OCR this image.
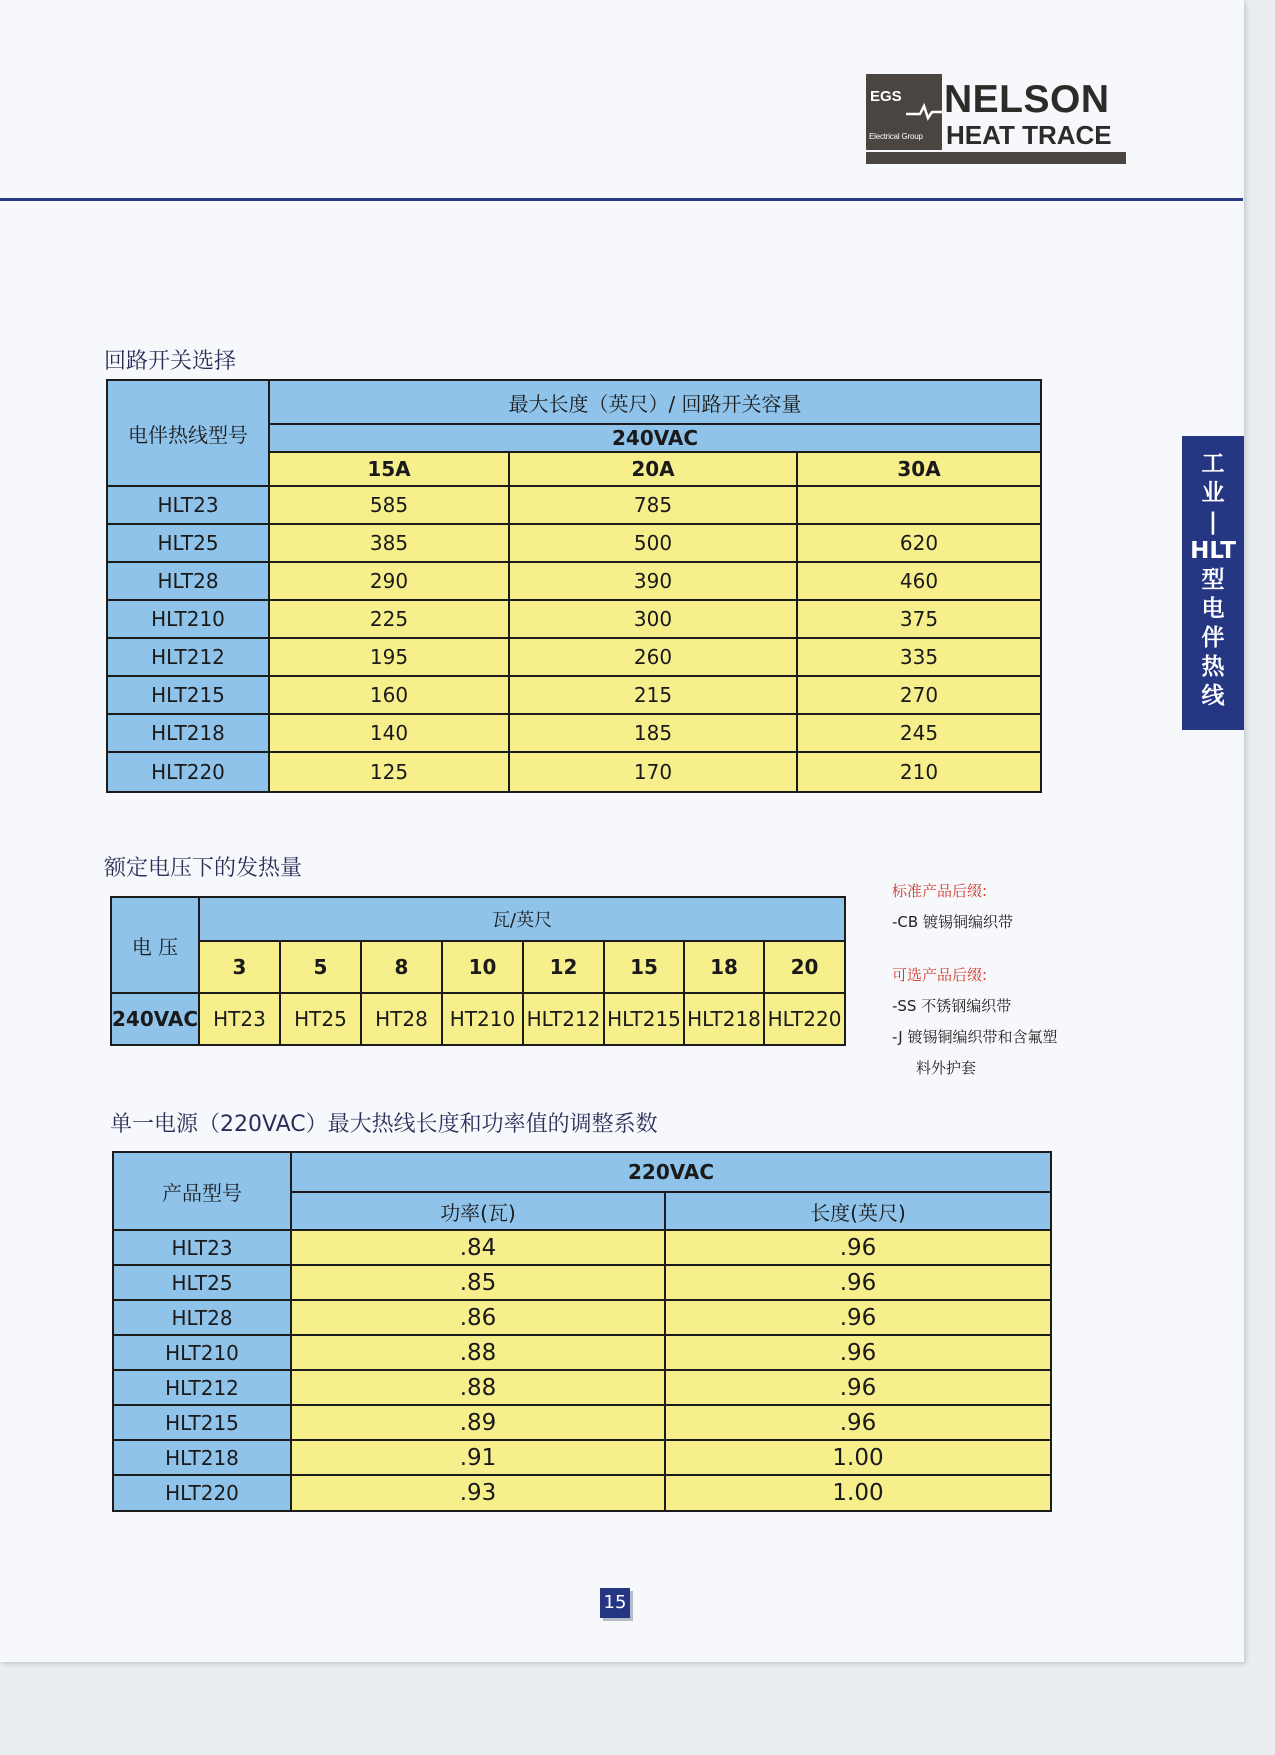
EGS
Electrical Group
NELSON
HEAT TRACE
工
业
|
HLT
型
电
伴
热
线
回路开关选择
电伴热线型号	最大长度（英尺）/ 回路开关容量		
	240VAC		
	15A	20A	30A
HLT23	585	785	
HLT25	385	500	620
HLT28	290	390	460
HLT210	225	300	375
HLT212	195	260	335
HLT215	160	215	270
HLT218	140	185	245
HLT220	125	170	210
额定电压下的发热量
电 压	瓦/英尺							
	3	5	8	10	12	15	18	20
240VAC	HT23	HT25	HT28	HT210	HLT212	HLT215	HLT218	HLT220
标准产品后缀:
-CB 镀锡铜编织带
可选产品后缀:
-SS 不锈钢编织带
-J 镀锡铜编织带和含氟塑
料外护套
单一电源（220VAC）最大热线长度和功率值的调整系数
产品型号	220VAC	
	功率(瓦)	长度(英尺)
HLT23	.84	.96
HLT25	.85	.96
HLT28	.86	.96
HLT210	.88	.96
HLT212	.88	.96
HLT215	.89	.96
HLT218	.91	1.00
HLT220	.93	1.00
15
